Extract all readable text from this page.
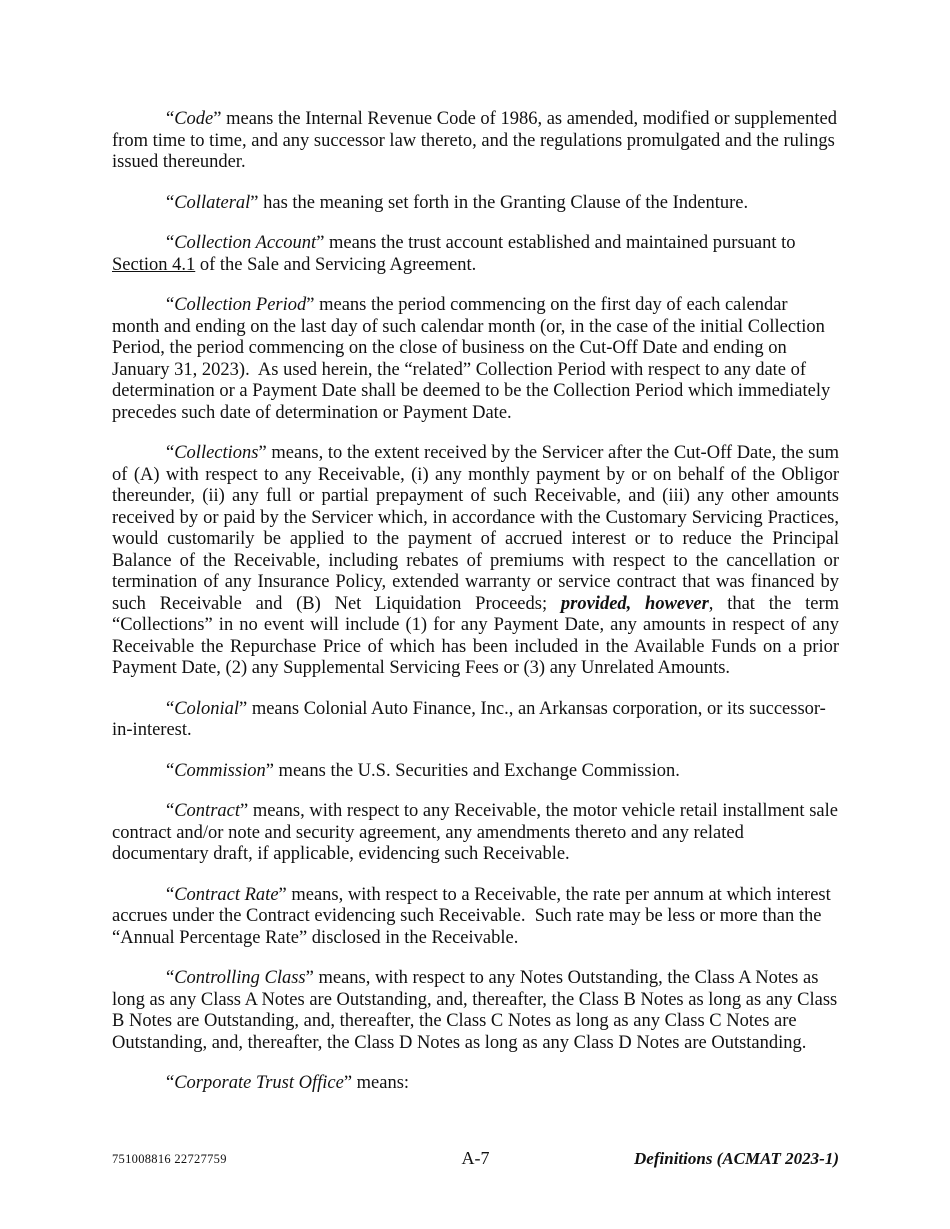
“Code” means the Internal Revenue Code of 1986, as amended, modified or supplemented from time to time, and any successor law thereto, and the regulations promulgated and the rulings issued thereunder.

“Collateral” has the meaning set forth in the Granting Clause of the Indenture.

“Collection Account” means the trust account established and maintained pursuant to Section 4.1 of the Sale and Servicing Agreement.

“Collection Period” means the period commencing on the first day of each calendar month and ending on the last day of such calendar month (or, in the case of the initial Collection Period, the period commencing on the close of business on the Cut-Off Date and ending on January 31, 2023).  As used herein, the “related” Collection Period with respect to any date of determination or a Payment Date shall be deemed to be the Collection Period which immediately precedes such date of determination or Payment Date.

“Collections” means, to the extent received by the Servicer after the Cut-Off Date, the sum of (A) with respect to any Receivable, (i) any monthly payment by or on behalf of the Obligor thereunder, (ii) any full or partial prepayment of such Receivable, and (iii) any other amounts received by or paid by the Servicer which, in accordance with the Customary Servicing Practices, would customarily be applied to the payment of accrued interest or to reduce the Principal Balance of the Receivable, including rebates of premiums with respect to the cancellation or termination of any Insurance Policy, extended warranty or service contract that was financed by such Receivable and (B) Net Liquidation Proceeds; provided, however, that the term “Collections” in no event will include (1) for any Payment Date, any amounts in respect of any Receivable the Repurchase Price of which has been included in the Available Funds on a prior Payment Date, (2) any Supplemental Servicing Fees or (3) any Unrelated Amounts.

“Colonial” means Colonial Auto Finance, Inc., an Arkansas corporation, or its successor-in-interest.

“Commission” means the U.S. Securities and Exchange Commission.

“Contract” means, with respect to any Receivable, the motor vehicle retail installment sale contract and/or note and security agreement, any amendments thereto and any related documentary draft, if applicable, evidencing such Receivable.

“Contract Rate” means, with respect to a Receivable, the rate per annum at which interest accrues under the Contract evidencing such Receivable.  Such rate may be less or more than the “Annual Percentage Rate” disclosed in the Receivable.

“Controlling Class” means, with respect to any Notes Outstanding, the Class A Notes as long as any Class A Notes are Outstanding, and, thereafter, the Class B Notes as long as any Class B Notes are Outstanding, and, thereafter, the Class C Notes as long as any Class C Notes are Outstanding, and, thereafter, the Class D Notes as long as any Class D Notes are Outstanding.

“Corporate Trust Office” means:

751008816 22727759	A-7	Definitions (ACMAT 2023-1)
